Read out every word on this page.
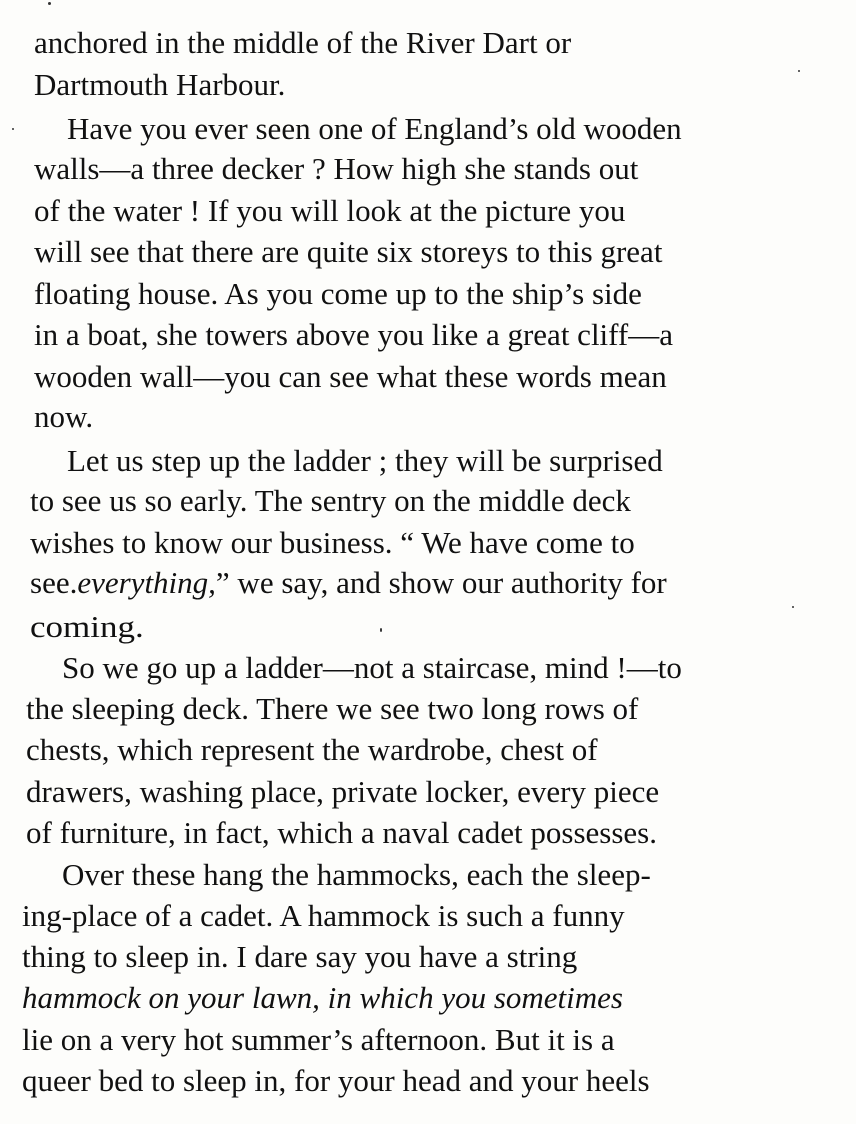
anchored in the middle of the River Dart or
Dartmouth Harbour.
Have you ever seen one of England’s old wooden
walls—a three decker ? How high she stands out
of the water ! If you will look at the picture you
will see that there are quite six storeys to this great
floating house. As you come up to the ship’s side
in a boat, she towers above you like a great cliff—a
wooden wall—you can see what these words mean
now.
Let us step up the ladder ; they will be surprised
to see us so early. The sentry on the middle deck
wishes to know our business. “ We have come to
see.everything,” we say, and show our authority for
coming.
So we go up a ladder—not a staircase, mind !—to
the sleeping deck. There we see two long rows of
chests, which represent the wardrobe, chest of
drawers, washing place, private locker, every piece
of furniture, in fact, which a naval cadet possesses.
Over these hang the hammocks, each the sleep-
ing-place of a cadet. A hammock is such a funny
thing to sleep in. I dare say you have a string
hammock on your lawn, in which you sometimes
lie on a very hot summer’s afternoon. But it is a
queer bed to sleep in, for your head and your heels
